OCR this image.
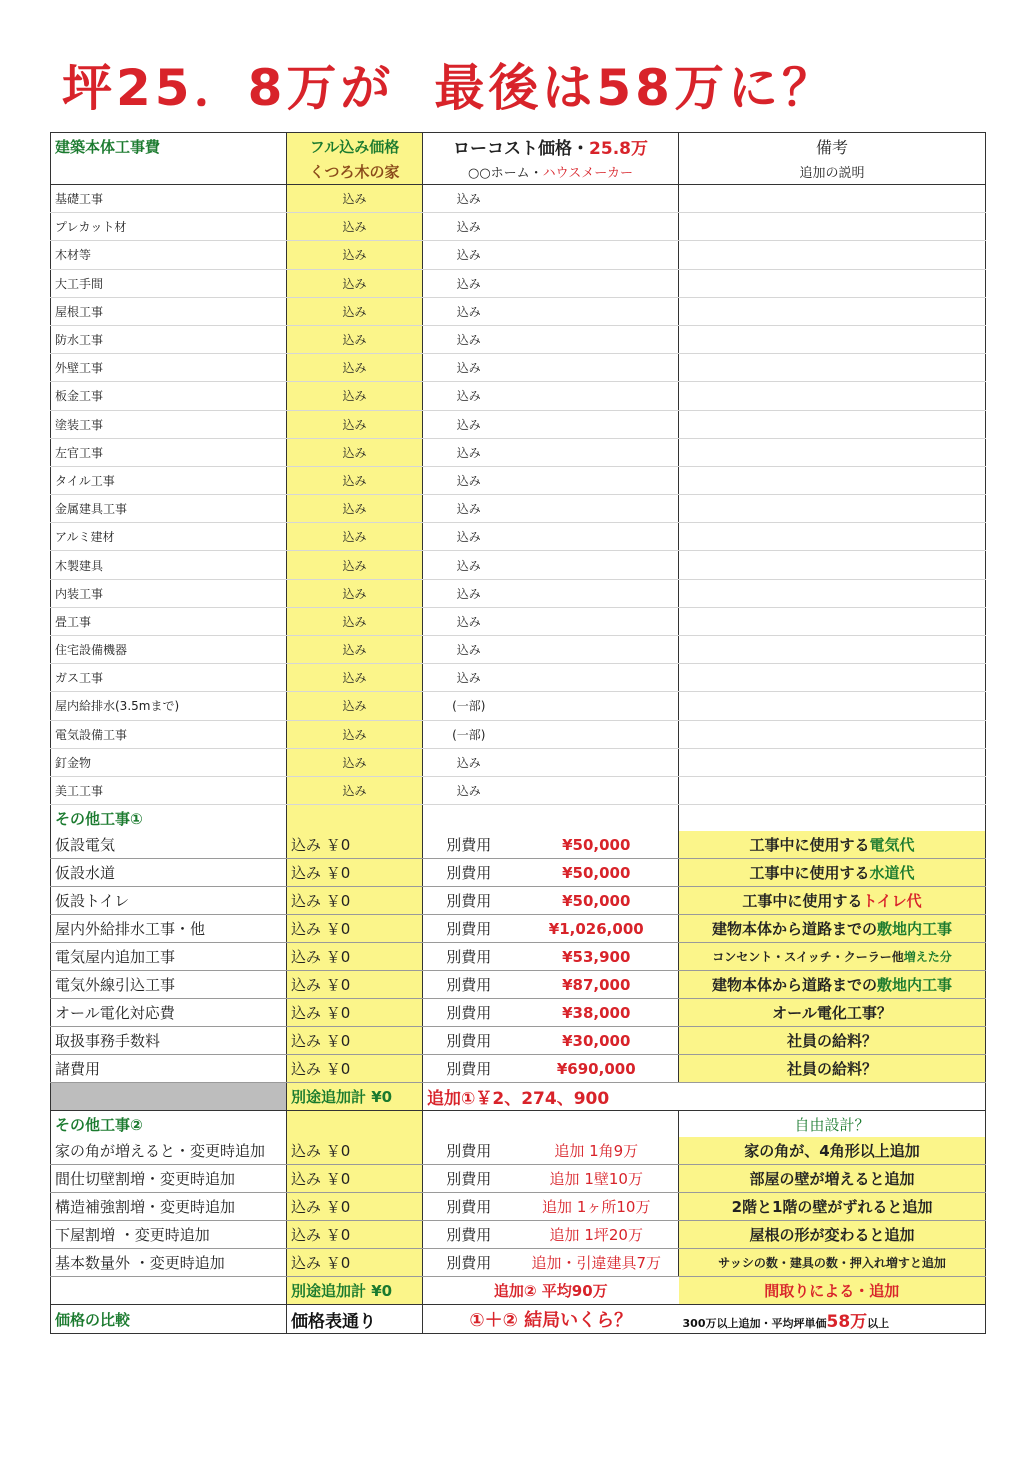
坪25．8万が 最後は58万に？
建築本体工事費	フル込み価格	ローコスト価格・25.8万		備考
	くつろ木の家	○○ホーム・ハウスメーカー		追加の説明
基礎工事	込み	込み		
プレカット材	込み	込み		
木材等	込み	込み		
大工手間	込み	込み		
屋根工事	込み	込み		
防水工事	込み	込み		
外壁工事	込み	込み		
板金工事	込み	込み		
塗装工事	込み	込み		
左官工事	込み	込み		
タイル工事	込み	込み		
金属建具工事	込み	込み		
アルミ建材	込み	込み		
木製建具	込み	込み		
内装工事	込み	込み		
畳工事	込み	込み		
住宅設備機器	込み	込み		
ガス工事	込み	込み		
屋内給排水(3.5mまで)	込み	(一部)		
電気設備工事	込み	(一部)		
釘金物	込み	込み		
美工工事	込み	込み		
その他工事①				
仮設電気	込み ￥0	別費用	¥50,000	工事中に使用する電気代
仮設水道	込み ￥0	別費用	¥50,000	工事中に使用する水道代
仮設トイレ	込み ￥0	別費用	¥50,000	工事中に使用するトイレ代
屋内外給排水工事・他	込み ￥0	別費用	¥1,026,000	建物本体から道路までの敷地内工事
電気屋内追加工事	込み ￥0	別費用	¥53,900	コンセント・スイッチ・クーラー他増えた分
電気外線引込工事	込み ￥0	別費用	¥87,000	建物本体から道路までの敷地内工事
オール電化対応費	込み ￥0	別費用	¥38,000	オール電化工事？
取扱事務手数料	込み ￥0	別費用	¥30,000	社員の給料？
諸費用	込み ￥0	別費用	¥690,000	社員の給料？
	別途追加計 ¥0	追加①￥2、274、900		
その他工事②				自由設計？
家の角が増えると・変更時追加	込み ￥0	別費用	追加 1角9万	家の角が、4角形以上追加
間仕切壁割増・変更時追加	込み ￥0	別費用	追加 1壁10万	部屋の壁が増えると追加
構造補強割増・変更時追加	込み ￥0	別費用	追加 1ヶ所10万	2階と1階の壁がずれると追加
下屋割増 ・変更時追加	込み ￥0	別費用	追加 1坪20万	屋根の形が変わると追加
基本数量外 ・変更時追加	込み ￥0	別費用	追加・引違建具7万	サッシの数・建具の数・押入れ増すと追加
	別途追加計 ¥0	追加② 平均90万		間取りによる・追加
価格の比較	価格表通り	①＋② 結局いくら？		300万以上追加・平均坪単価58万以上
